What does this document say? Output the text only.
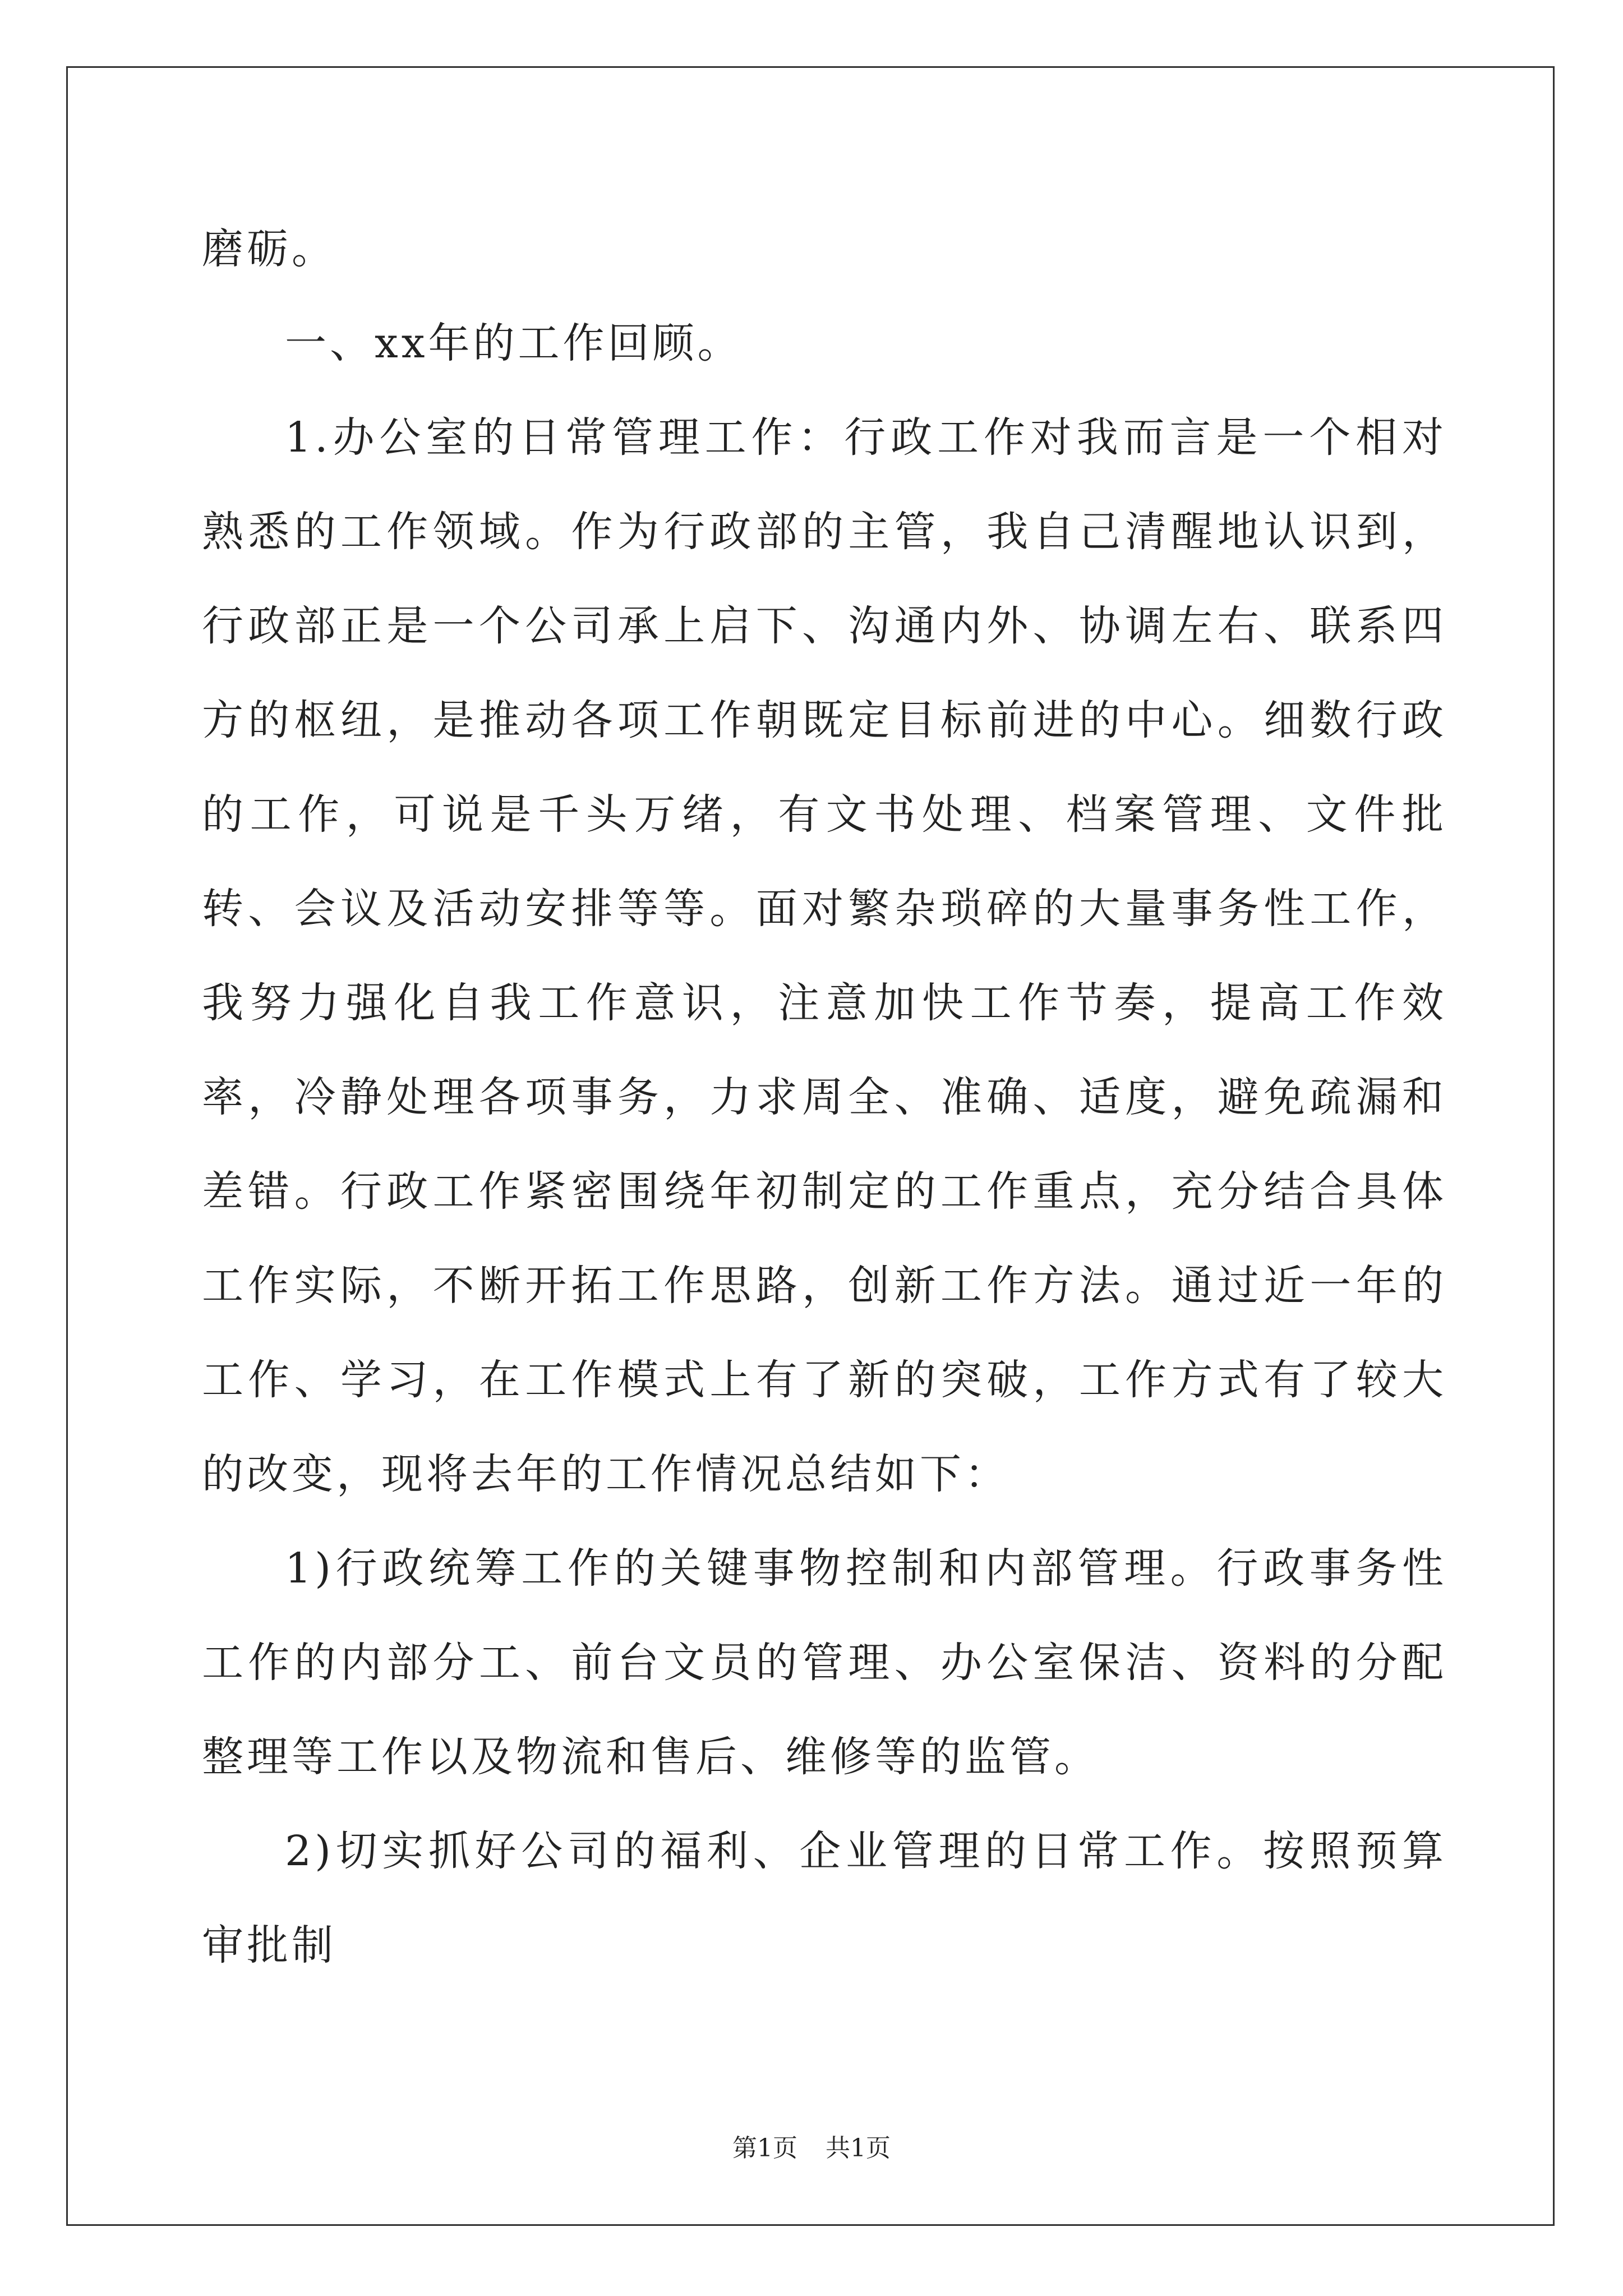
磨砺。

一、xx年的工作回顾。

1.办公室的日常管理工作：行政工作对我而言是一个相对熟悉的工作领域。作为行政部的主管，我自己清醒地认识到，行政部正是一个公司承上启下、沟通内外、协调左右、联系四方的枢纽，是推动各项工作朝既定目标前进的中心。细数行政的工作，可说是千头万绪，有文书处理、档案管理、文件批转、会议及活动安排等等。面对繁杂琐碎的大量事务性工作，我努力强化自我工作意识，注意加快工作节奏，提高工作效率，冷静处理各项事务，力求周全、准确、适度，避免疏漏和差错。行政工作紧密围绕年初制定的工作重点，充分结合具体工作实际，不断开拓工作思路，创新工作方法。通过近一年的工作、学习，在工作模式上有了新的突破，工作方式有了较大的改变，现将去年的工作情况总结如下：

1)行政统筹工作的关键事物控制和内部管理。行政事务性工作的内部分工、前台文员的管理、办公室保洁、资料的分配整理等工作以及物流和售后、维修等的监管。

2)切实抓好公司的福利、企业管理的日常工作。按照预算审批制

第1页 共1页
